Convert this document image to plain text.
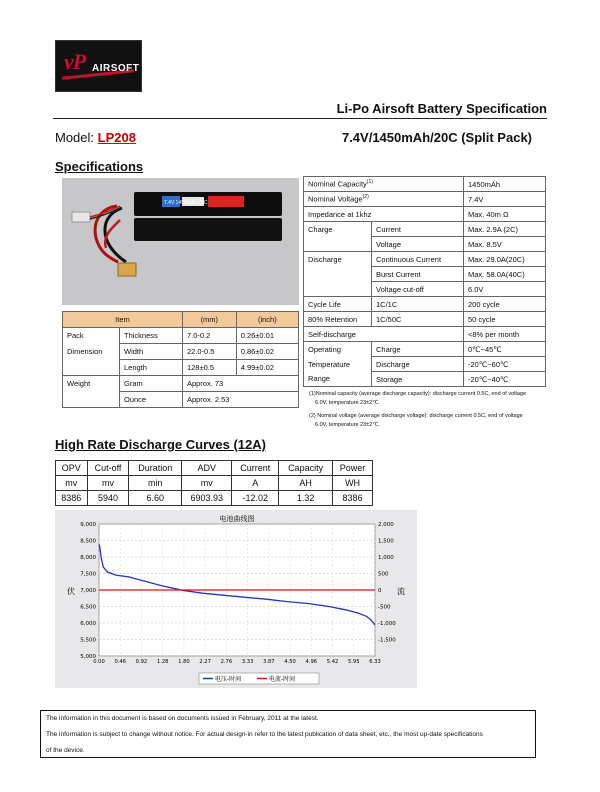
vP AIRSOFT
Li-Po Airsoft Battery Specification
Model: LP208	7.4V/1450mAh/20C (Split Pack)
Specifications
7.4V 1450mAh 20C
Item		(mm)	(inch)
Pack	Thickness	7.0-0.2	0.26±0.01
Dimension	Width	22.0-0.5	0.86±0.02
	Length	128±0.5	4.99±0.02
Weight	Gram	Approx. 73	
	Ounce	Approx. 2.53	
Nominal Capacity$^{(1)}$		1450mAh
Nominal Voltage$^{(2)}$		7.4V
Impedance at 1khz		Max. 40m Ω
Charge	Current	Max. 2.9A (2C)
	Voltage	Max. 8.5V
Discharge	Continuous Current	Max. 29.0A(20C)
	Burst Current	Max. 58.0A(40C)
	Voltage cut-off	6.0V
Cycle Life	1C/1C	200 cycle
80% Retention	1C/50C	50 cycle
Self-discharge		<8% per month
Operating	Charge	0℃~45℃
Temperature	Discharge	-20℃~60℃
Range	Storage	-20℃~40℃
(1)Nominal capacity (average discharge capacity): discharge current 0.5C, end of voltage
6.0V, temperature 23±2℃.
(2) Nominal voltage (average discharge voltage): discharge current 0.5C, end of voltage
6.0V, temperature 23±2℃.
High Rate Discharge Curves (12A)
OPV	Cut-off	Duration	ADV	Current	Capacity	Power
mv	mv	min	mv	A	AH	WH
8386	5940	6.60	6903.93	-12.02	1.32	8386
9,000
8,500
8,000
7,500
7,000
6,500
6,000
5,500
5,000
2,000
1,500
1,000
500
0
-500
-1,000
-1,500
0.00 0.46 0.92 1.28 1.80 2.27 2.76 3.33 3.87 4.50 4.96 5.42 5.95 6.33
电池曲线图
伏	流
电压-时间	电流-时间
The information in this document is based on documents issued in February, 2011 at the latest.
The information is subject to change without notice. For actual design-in refer to the latest publication of data sheet, etc., the most up-date specifications
of the device.
